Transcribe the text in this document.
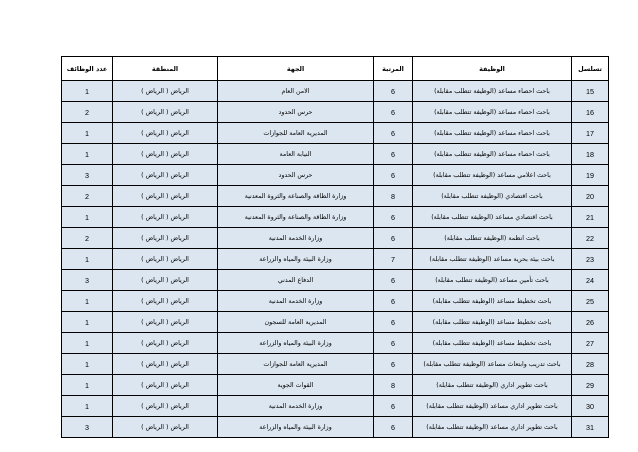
تسلسل	الوظيفة	المرتبة	الجهة	المنطقة	عدد الوظائف
15	باحث احصاء مساعد (الوظيفة تتطلب مقابلة)	6	الامن العام	الرياض ( الرياض )	1
16	باحث احصاء مساعد (الوظيفة تتطلب مقابلة)	6	حرس الحدود	الرياض ( الرياض )	2
17	باحث احصاء مساعد (الوظيفة تتطلب مقابلة)	6	المديرية العامة للجوازات	الرياض ( الرياض )	1
18	باحث احصاء مساعد (الوظيفة تتطلب مقابلة)	6	النيابة العامة	الرياض ( الرياض )	1
19	باحث اعلامي مساعد (الوظيفة تتطلب مقابلة)	6	حرس الحدود	الرياض ( الرياض )	3
20	باحث اقتصادي (الوظيفة تتطلب مقابلة)	8	وزارة الطاقة والصناعة والثروة المعدنية	الرياض ( الرياض )	2
21	باحث اقتصادي مساعد (الوظيفة تتطلب مقابلة)	6	وزارة الطاقة والصناعة والثروة المعدنية	الرياض ( الرياض )	1
22	باحث انظمة (الوظيفة تتطلب مقابلة)	6	وزارة الخدمة المدنية	الرياض ( الرياض )	2
23	باحث بيئة بحرية مساعد (الوظيفة تتطلب مقابلة)	7	وزارة البيئة والمياه والزراعة	الرياض ( الرياض )	1
24	باحث تأمين مساعد (الوظيفة تتطلب مقابلة)	6	الدفاع المدني	الرياض ( الرياض )	3
25	باحث تخطيط مساعد (الوظيفة تتطلب مقابلة)	6	وزارة الخدمة المدنية	الرياض ( الرياض )	1
26	باحث تخطيط مساعد (الوظيفة تتطلب مقابلة)	6	المديرية العامة للسجون	الرياض ( الرياض )	1
27	باحث تخطيط مساعد (الوظيفة تتطلب مقابلة)	6	وزارة البيئة والمياه والزراعة	الرياض ( الرياض )	1
28	باحث تدريب وابتعاث مساعد (الوظيفة تتطلب مقابلة)	6	المديرية العامة للجوازات	الرياض ( الرياض )	1
29	باحث تطوير اداري (الوظيفة تتطلب مقابلة)	8	القوات الجوية	الرياض ( الرياض )	1
30	باحث تطوير اداري مساعد (الوظيفة تتطلب مقابلة)	6	وزارة الخدمة المدنية	الرياض ( الرياض )	1
31	باحث تطوير اداري مساعد (الوظيفة تتطلب مقابلة)	6	وزارة البيئة والمياه والزراعة	الرياض ( الرياض )	3
